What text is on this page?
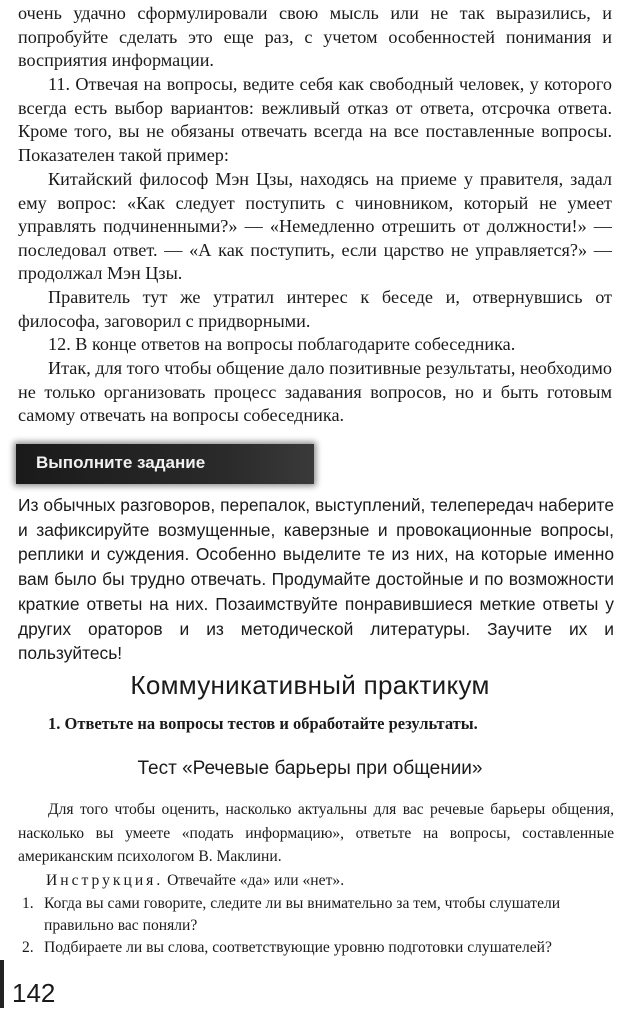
очень удачно сформулировали свою мысль или не так выразились, и попробуйте сделать это еще раз, с учетом особенностей понимания и восприятия информации.

11. Отвечая на вопросы, ведите себя как свободный человек, у которого всегда есть выбор вариантов: вежливый отказ от ответа, отсрочка ответа. Кроме того, вы не обязаны отвечать всегда на все поставленные вопросы. Показателен такой пример:

Китайский философ Мэн Цзы, находясь на приеме у правителя, задал ему вопрос: «Как следует поступить с чиновником, который не умеет управлять подчиненными?» — «Немедленно отрешить от должности!» — последовал ответ. — «А как поступить, если царство не управляется?» — продолжал Мэн Цзы.

Правитель тут же утратил интерес к беседе и, отвернувшись от философа, заговорил с придворными.

12. В конце ответов на вопросы поблагодарите собеседника.

Итак, для того чтобы общение дало позитивные результаты, необходимо не только организовать процесс задавания вопросов, но и быть готовым самому отвечать на вопросы собеседника.

Выполните задание

Из обычных разговоров, перепалок, выступлений, телепередач наберите и зафиксируйте возмущенные, каверзные и провокационные вопросы, реплики и суждения. Особенно выделите те из них, на которые именно вам было бы трудно отвечать. Продумайте достойные и по возможности краткие ответы на них. Позаимствуйте понравившиеся меткие ответы у других ораторов и из методической литературы. Заучите их и пользуйтесь!

Коммуникативный практикум
1. Ответьте на вопросы тестов и обработайте результаты.
Тест «Речевые барьеры при общении»

Для того чтобы оценить, насколько актуальны для вас речевые барьеры общения, насколько вы умеете «подать информацию», ответьте на вопросы, составленные американским психологом В. Маклини.

Инструкция. Отвечайте «да» или «нет».
1. Когда вы сами говорите, следите ли вы внимательно за тем, чтобы слушатели правильно вас поняли?
2. Подбираете ли вы слова, соответствующие уровню подготовки слушателей?
142
